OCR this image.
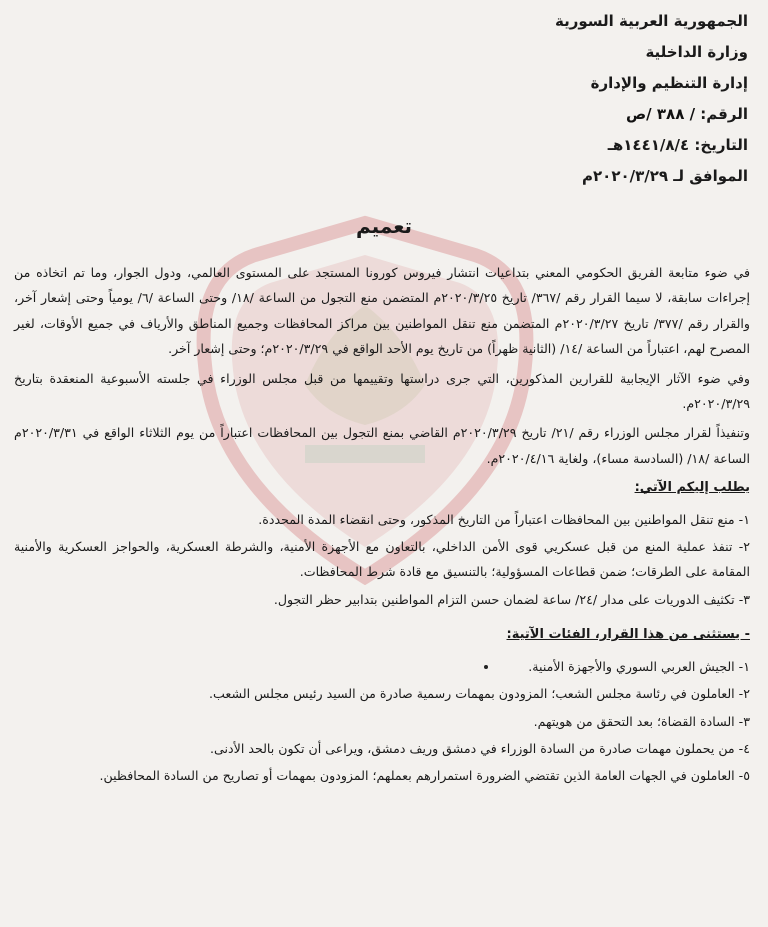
الجمهورية العربية السورية
وزارة الداخلية
إدارة التنظيم والإدارة
الرقم: / ٣٨٨ /ص
التاريخ: ١٤٤١/٨/٤هـ
الموافق لـ ٢٠٢٠/٣/٢٩م
تعميم

في ضوء متابعة الفريق الحكومي المعني بتداعيات انتشار فيروس كورونا المستجد على المستوى العالمي، ودول الجوار، وما تم اتخاذه من إجراءات سابقة، لا سيما القرار رقم /٣٦٧/ تاريخ ٢٠٢٠/٣/٢٥م المتضمن منع التجول من الساعة /١٨/ وحتى الساعة /٦/ يومياً وحتى إشعار آخر، والقرار رقم /٣٧٧/ تاريخ ٢٠٢٠/٣/٢٧م المتضمن منع تنقل المواطنين بين مراكز المحافظات وجميع المناطق والأرياف في جميع الأوقات، لغير المصرح لهم، اعتباراً من الساعة /١٤/ (الثانية ظهراً) من تاريخ يوم الأحد الواقع في ٢٠٢٠/٣/٢٩م؛ وحتى إشعار آخر.

وفي ضوء الآثار الإيجابية للقرارين المذكورين، التي جرى دراستها وتقييمها من قبل مجلس الوزراء في جلسته الأسبوعية المنعقدة بتاريخ ٢٠٢٠/٣/٢٩م.

وتنفيذاً لقرار مجلس الوزراء رقم /٢١/ تاريخ ٢٠٢٠/٣/٢٩م القاضي بمنع التجول بين المحافظات اعتباراً من يوم الثلاثاء الواقع في ٢٠٢٠/٣/٣١م الساعة /١٨/ (السادسة مساء)، ولغاية ٢٠٢٠/٤/١٦م.

يطلب إليكم الآتي:
١- منع تنقل المواطنين بين المحافظات اعتباراً من التاريخ المذكور، وحتى انقضاء المدة المحددة.
٢- تنفذ عملية المنع من قبل عسكريي قوى الأمن الداخلي، بالتعاون مع الأجهزة الأمنية، والشرطة العسكرية، والحواجز العسكرية والأمنية المقامة على الطرقات؛ ضمن قطاعات المسؤولية؛ بالتنسيق مع قادة شرط المحافظات.
٣- تكثيف الدوريات على مدار /٢٤/ ساعة لضمان حسن التزام المواطنين بتدابير حظر التجول.
- يستثنى من هذا القرار، الفئات الآتية:
١- الجيش العربي السوري والأجهزة الأمنية.
٢- العاملون في رئاسة مجلس الشعب؛ المزودون بمهمات رسمية صادرة من السيد رئيس مجلس الشعب.
٣- السادة القضاة؛ بعد التحقق من هويتهم.
٤- من يحملون مهمات صادرة من السادة الوزراء في دمشق وريف دمشق، ويراعى أن تكون بالحد الأدنى.
٥- العاملون في الجهات العامة الذين تقتضي الضرورة استمرارهم بعملهم؛ المزودون بمهمات أو تصاريح من السادة المحافظين.
